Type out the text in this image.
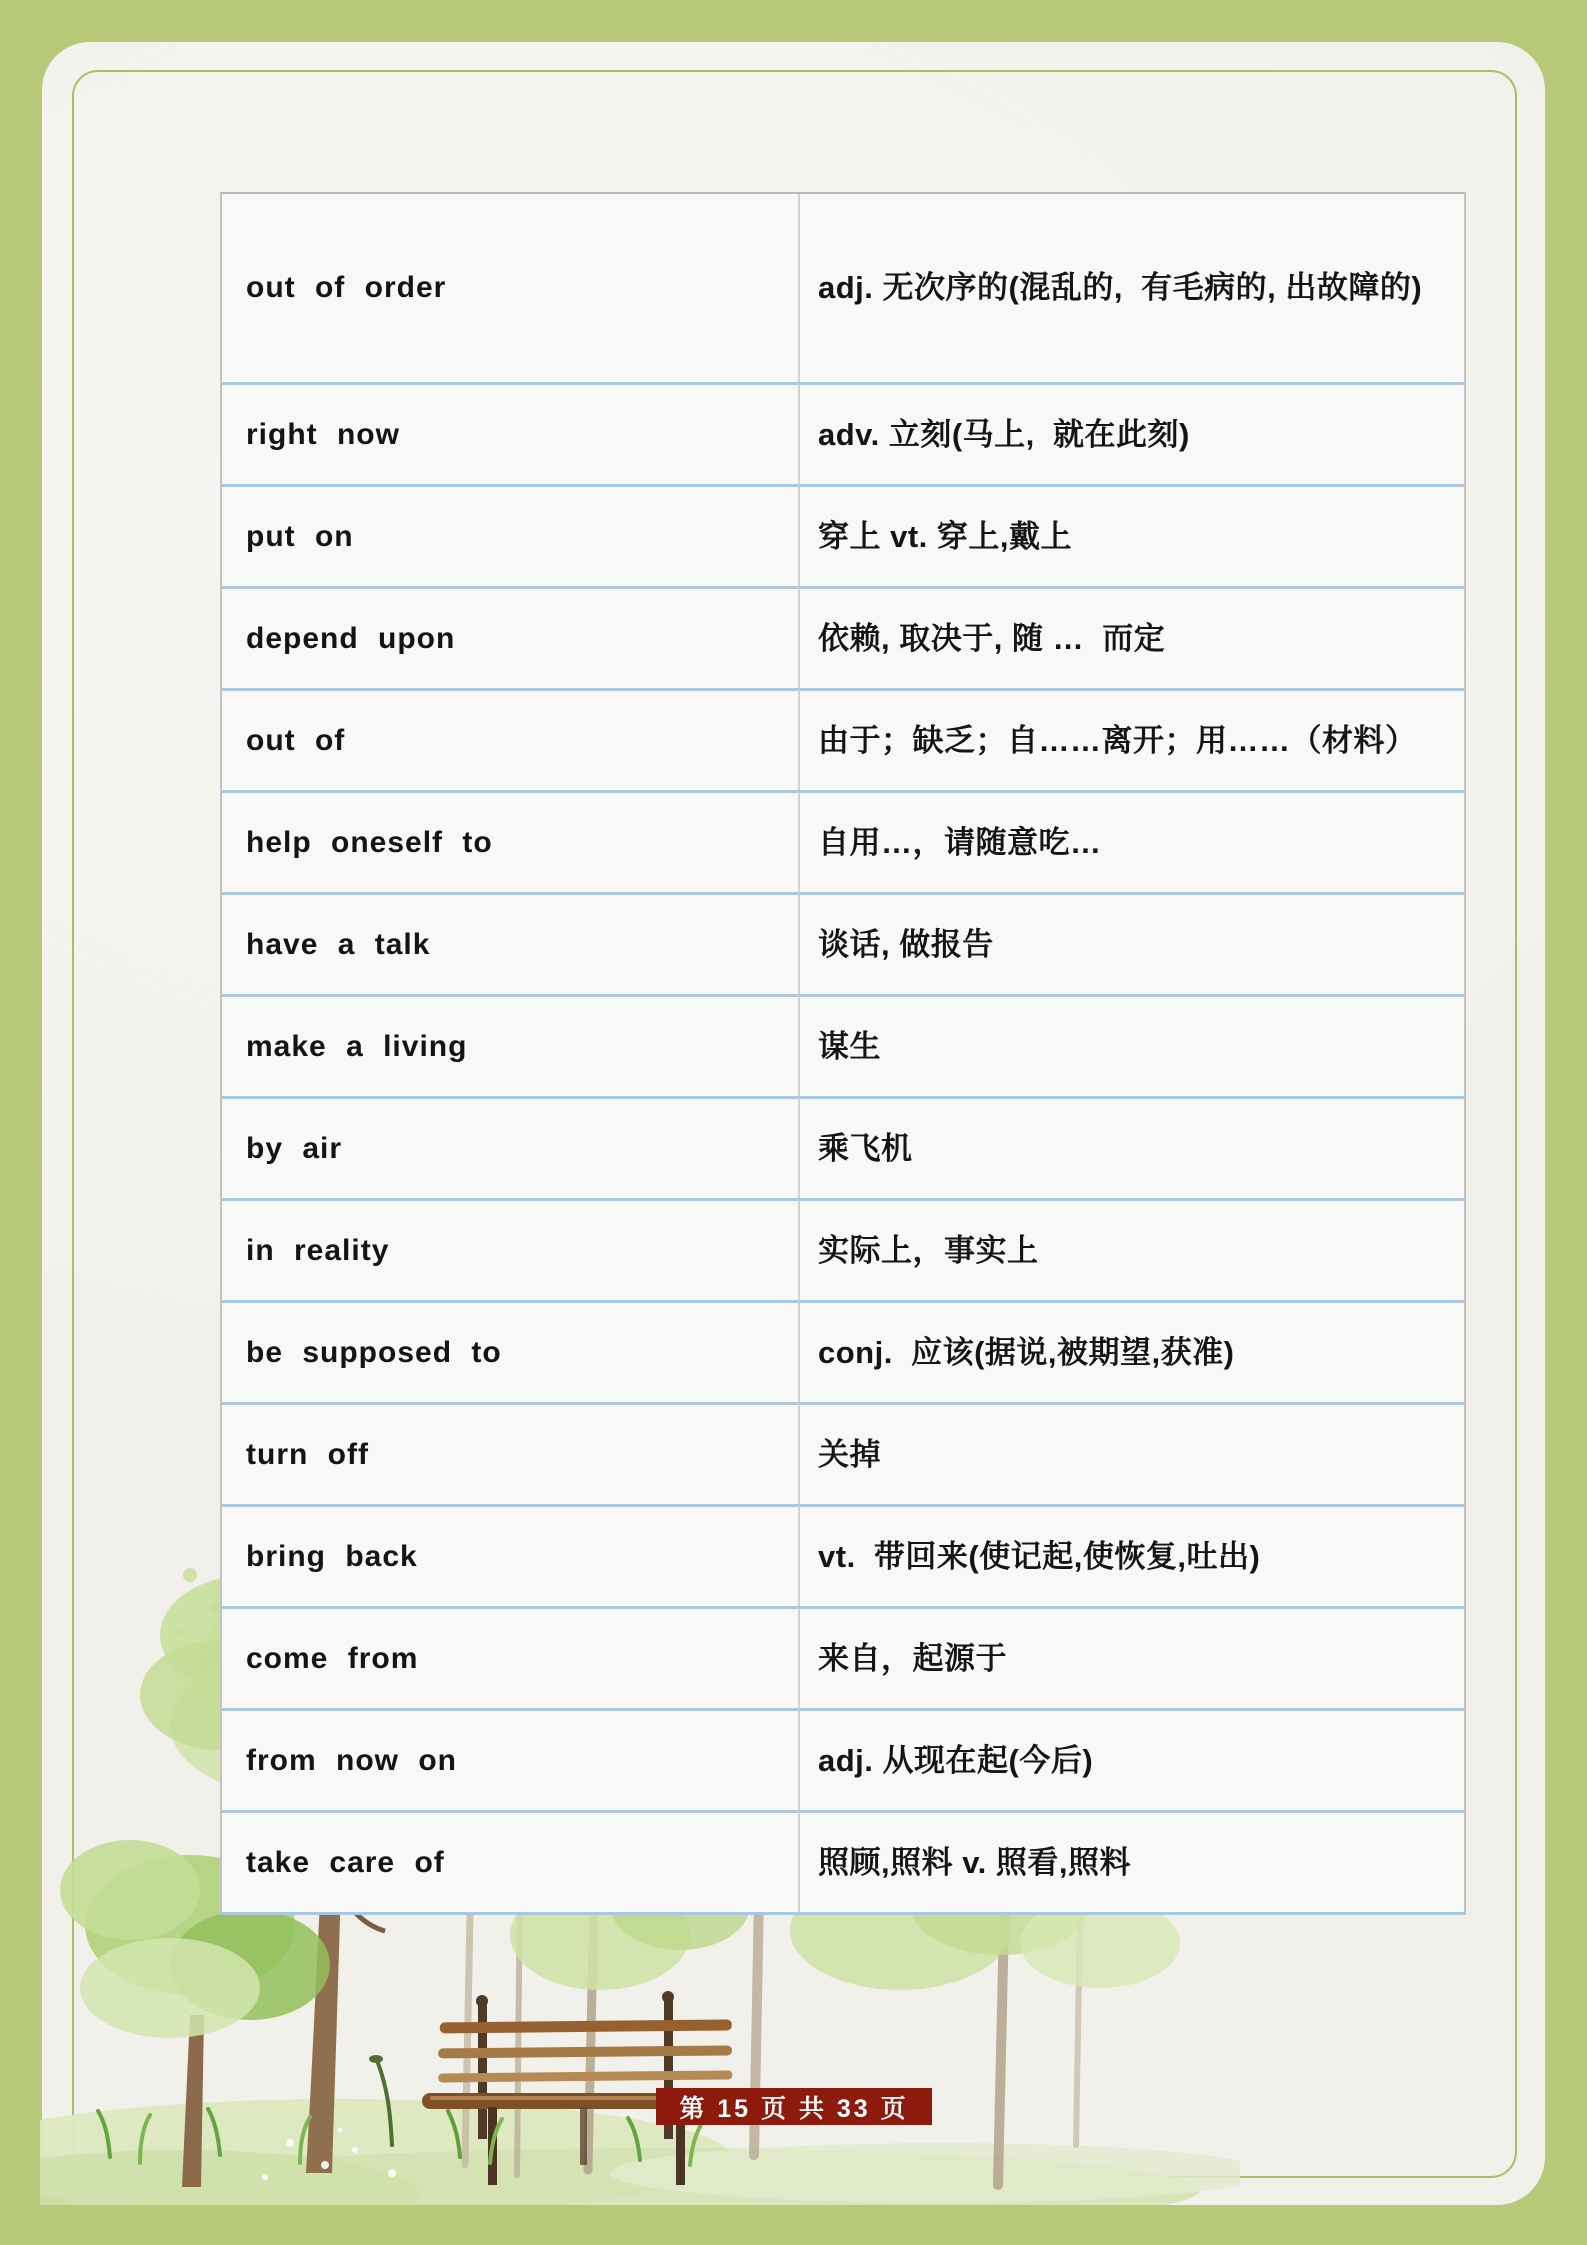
out of order	adj. 无次序的(混乱的,  有毛病的, 出故障的)
right now	adv. 立刻(马上,  就在此刻)
put on	穿上 vt. 穿上,戴上
depend upon	依赖, 取决于, 随 …  而定
out of	由于；缺乏；自……离开；用……（材料）
help oneself to	自用…，请随意吃…
have a talk	谈话, 做报告
make a living	谋生
by air	乘飞机
in reality	实际上，事实上
be supposed to	conj.  应该(据说,被期望,获准)
turn off	关掉
bring back	vt.  带回来(使记起,使恢复,吐出)
come from	来自，起源于
from now on	adj. 从现在起(今后)
take care of	照顾,照料 v. 照看,照料
第 15 页 共 33 页
